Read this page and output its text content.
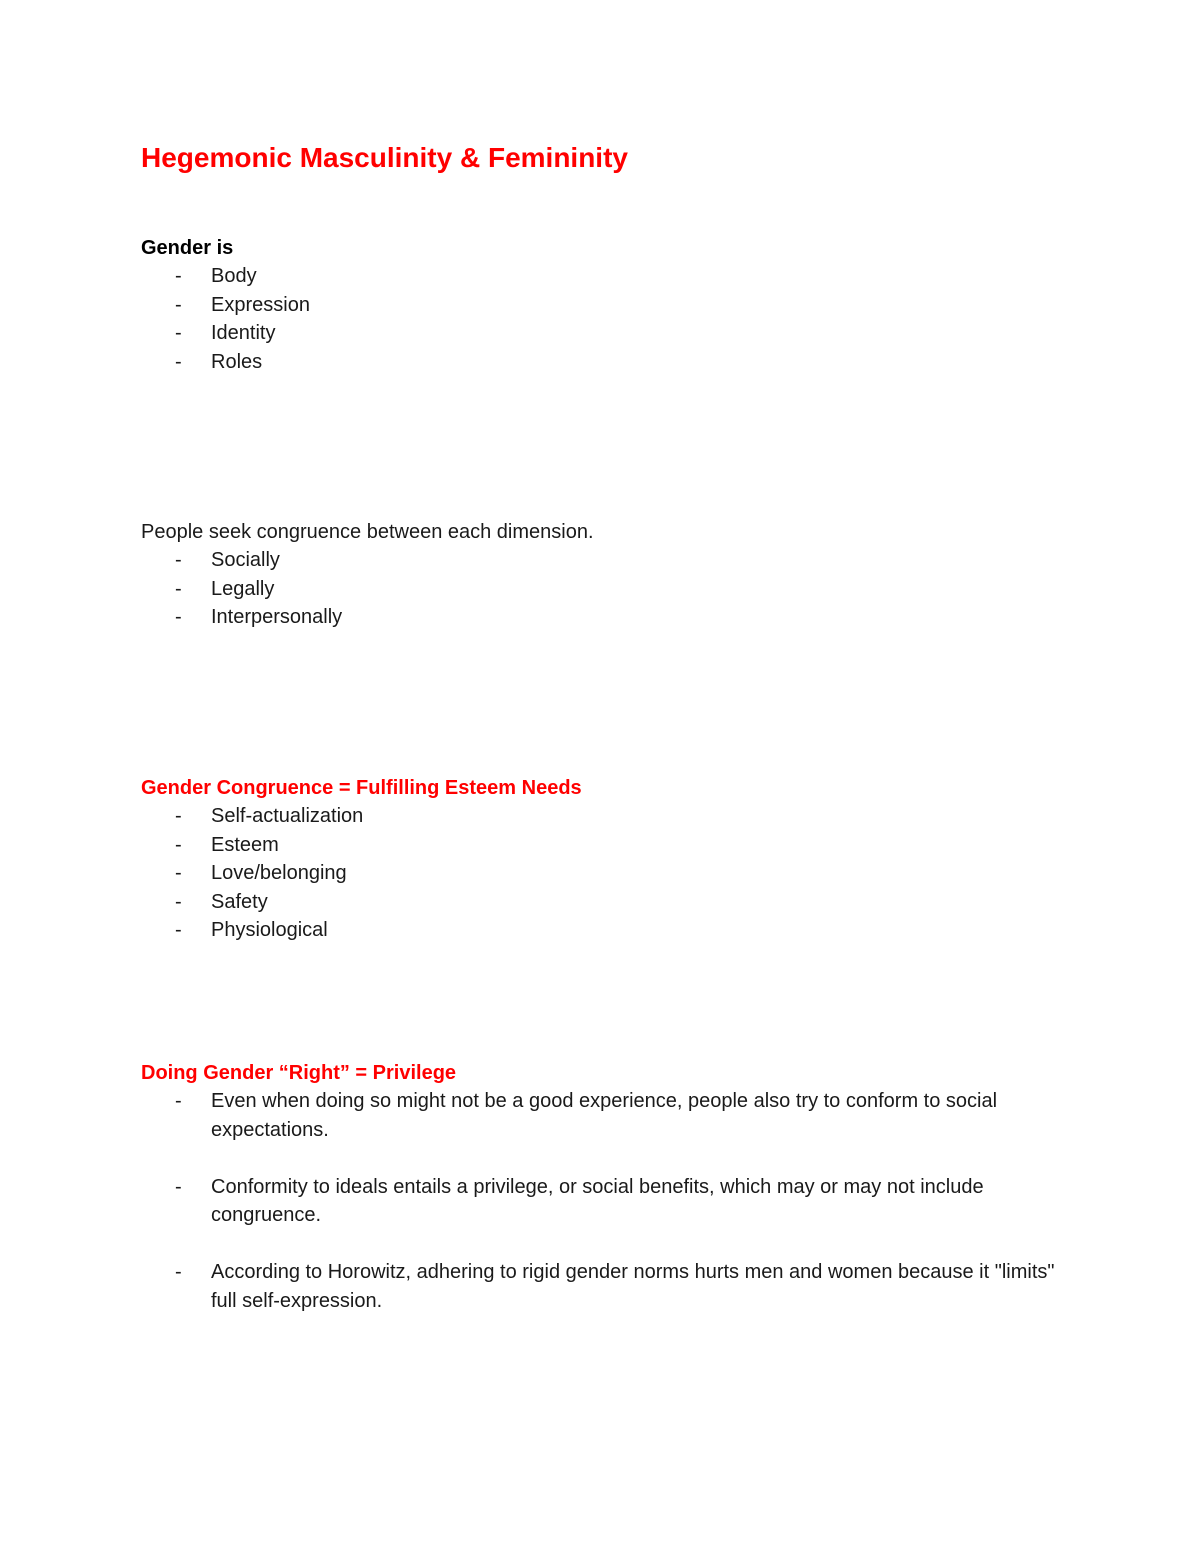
Hegemonic Masculinity & Femininity

Gender is

- Body
- Expression
- Identity
- Roles

People seek congruence between each dimension.

- Socially
- Legally
- Interpersonally

Gender Congruence = Fulfilling Esteem Needs

- Self-actualization
- Esteem
- Love/belonging
- Safety
- Physiological

Doing Gender “Right” = Privilege

- Even when doing so might not be a good experience, people also try to conform to social expectations.
- Conformity to ideals entails a privilege, or social benefits, which may or may not include congruence.
- According to Horowitz, adhering to rigid gender norms hurts men and women because it "limits" full self-expression.
